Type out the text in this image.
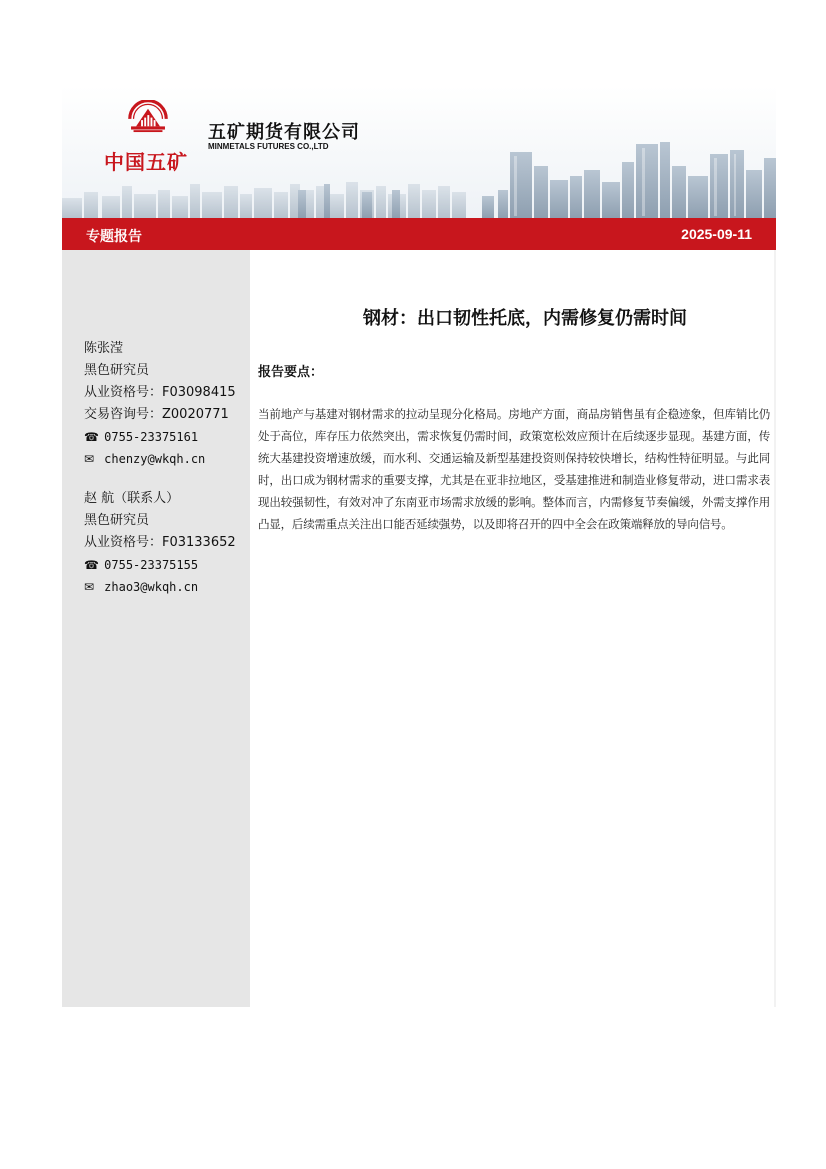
中国五矿
五矿期货有限公司
MINMETALS FUTURES CO.,LTD
专题报告	2025-09-11
陈张滢
黑色研究员
从业资格号：F03098415
交易咨询号：Z0020771
☎ 0755-23375161
✉ chenzy@wkqh.cn
赵 航（联系人）
黑色研究员
从业资格号：F03133652
☎ 0755-23375155
✉ zhao3@wkqh.cn
钢材：出口韧性托底，内需修复仍需时间
报告要点：
当前地产与基建对钢材需求的拉动呈现分化格局。房地产方面，商品房销售虽有企稳迹象，但库销比仍处于高位，库存压力依然突出，需求恢复仍需时间，政策宽松效应预计在后续逐步显现。基建方面，传统大基建投资增速放缓，而水利、交通运输及新型基建投资则保持较快增长，结构性特征明显。与此同时，出口成为钢材需求的重要支撑，尤其是在亚非拉地区，受基建推进和制造业修复带动，进口需求表现出较强韧性，有效对冲了东南亚市场需求放缓的影响。整体而言，内需修复节奏偏缓，外需支撑作用凸显，后续需重点关注出口能否延续强势，以及即将召开的四中全会在政策端释放的导向信号。
